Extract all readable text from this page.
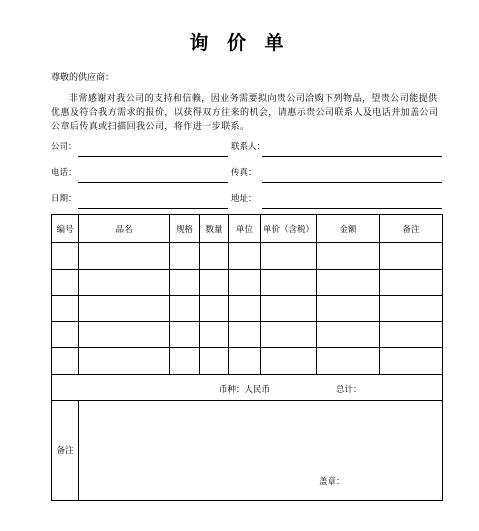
询 价 单
尊敬的供应商：
非常感谢对我公司的支持和信赖，因业务需要拟向贵公司洽购下列物品，望贵公司能提供优惠及符合我方需求的报价，以获得双方往来的机会，请惠示贵公司联系人及电话并加盖公司公章后传真或扫描回我公司，将作进一步联系。
公司：	联系人：
电话：	传真：
日期：	地址：
编号	品名	规格	数量	单位	单价（含税）	金额	备注

币种：人民币 总计：							

备注	盖章：						
